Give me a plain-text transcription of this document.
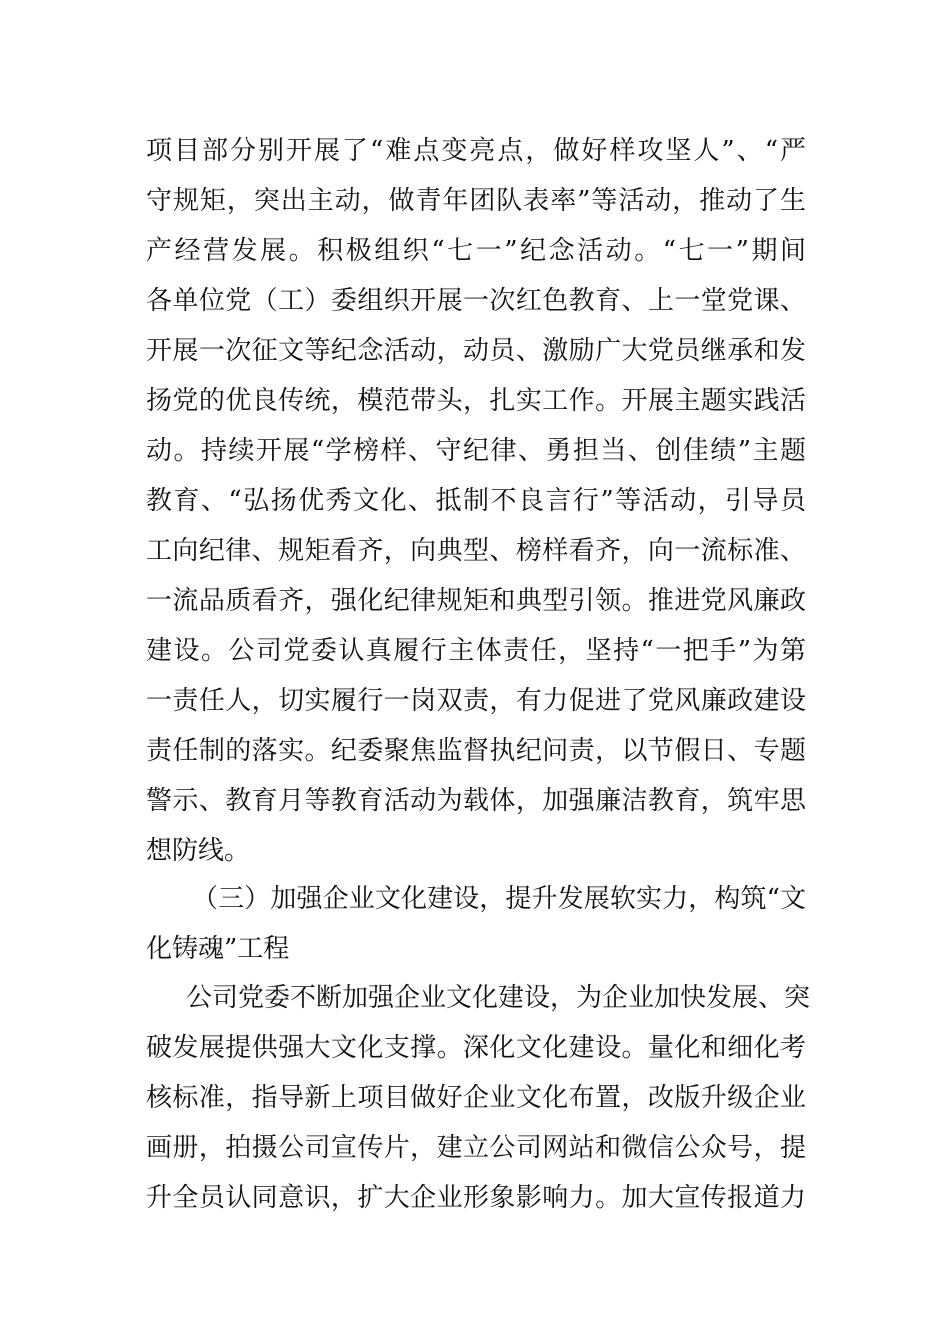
项目部分别开展了“难点变亮点，做好样攻坚人”、“严
守规矩，突出主动，做青年团队表率”等活动，推动了生
产经营发展。积极组织“七一”纪念活动。“七一”期间
各单位党（工）委组织开展一次红色教育、上一堂党课、
开展一次征文等纪念活动，动员、激励广大党员继承和发
扬党的优良传统，模范带头，扎实工作。开展主题实践活
动。持续开展“学榜样、守纪律、勇担当、创佳绩”主题
教育、“弘扬优秀文化、抵制不良言行”等活动，引导员
工向纪律、规矩看齐，向典型、榜样看齐，向一流标准、
一流品质看齐，强化纪律规矩和典型引领。推进党风廉政
建设。公司党委认真履行主体责任，坚持“一把手”为第
一责任人，切实履行一岗双责，有力促进了党风廉政建设
责任制的落实。纪委聚焦监督执纪问责，以节假日、专题
警示、教育月等教育活动为载体，加强廉洁教育，筑牢思
想防线。
（三）加强企业文化建设，提升发展软实力，构筑“文
化铸魂”工程
公司党委不断加强企业文化建设，为企业加快发展、突
破发展提供强大文化支撑。深化文化建设。量化和细化考
核标准，指导新上项目做好企业文化布置，改版升级企业
画册，拍摄公司宣传片，建立公司网站和微信公众号，提
升全员认同意识，扩大企业形象影响力。加大宣传报道力
